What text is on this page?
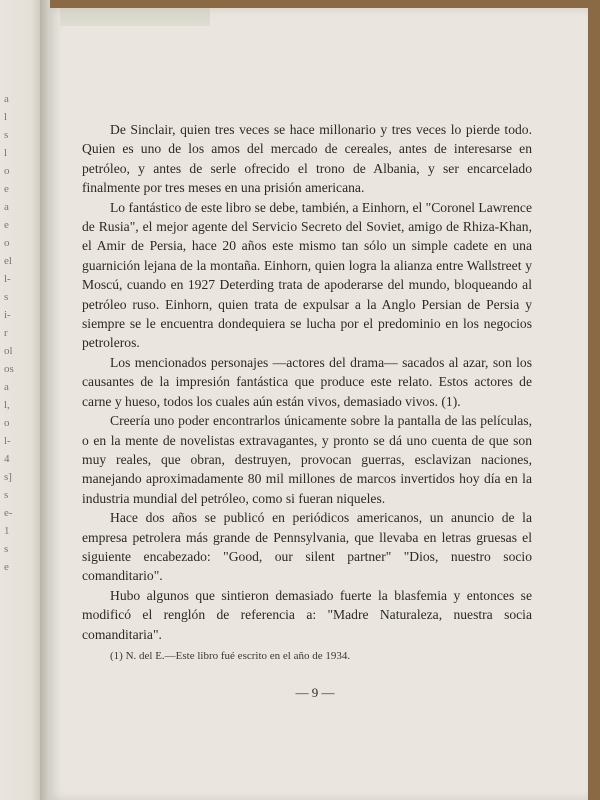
a
l
s
l
o
e
a
e
o
el
l-
s
i-
r
ol
os
a
l,
o
l-
4
s]
s
e-
1
s
e

De Sinclair, quien tres veces se hace millonario y tres veces lo pierde todo. Quien es uno de los amos del mercado de cereales, antes de interesarse en petróleo, y antes de serle ofrecido el trono de Albania, y ser encarcelado finalmente por tres meses en una prisión americana.

Lo fantástico de este libro se debe, también, a Einhorn, el "Coronel Lawrence de Rusia", el mejor agente del Servicio Secreto del Soviet, amigo de Rhiza-Khan, el Amir de Persia, hace 20 años este mismo tan sólo un simple cadete en una guarnición lejana de la montaña. Einhorn, quien logra la alianza entre Wallstreet y Moscú, cuando en 1927 Deterding trata de apoderarse del mundo, bloqueando al petróleo ruso. Einhorn, quien trata de expulsar a la Anglo Persian de Persia y siempre se le encuentra dondequiera se lucha por el predominio en los negocios petroleros.

Los mencionados personajes —actores del drama— sacados al azar, son los causantes de la impresión fantástica que produce este relato. Estos actores de carne y hueso, todos los cuales aún están vivos, demasiado vivos. (1).

Creería uno poder encontrarlos únicamente sobre la pantalla de las películas, o en la mente de novelistas extravagantes, y pronto se dá uno cuenta de que son muy reales, que obran, destruyen, provocan guerras, esclavizan naciones, manejando aproximadamente 80 mil millones de marcos invertidos hoy día en la industria mundial del petróleo, como si fueran niqueles.

Hace dos años se publicó en periódicos americanos, un anuncio de la empresa petrolera más grande de Pennsylvania, que llevaba en letras gruesas el siguiente encabezado: "Good, our silent partner" "Dios, nuestro socio comanditario".

Hubo algunos que sintieron demasiado fuerte la blasfemia y entonces se modificó el renglón de referencia a: "Madre Naturaleza, nuestra socia comanditaria".

(1) N. del E.—Este libro fué escrito en el año de 1934.
— 9 —
